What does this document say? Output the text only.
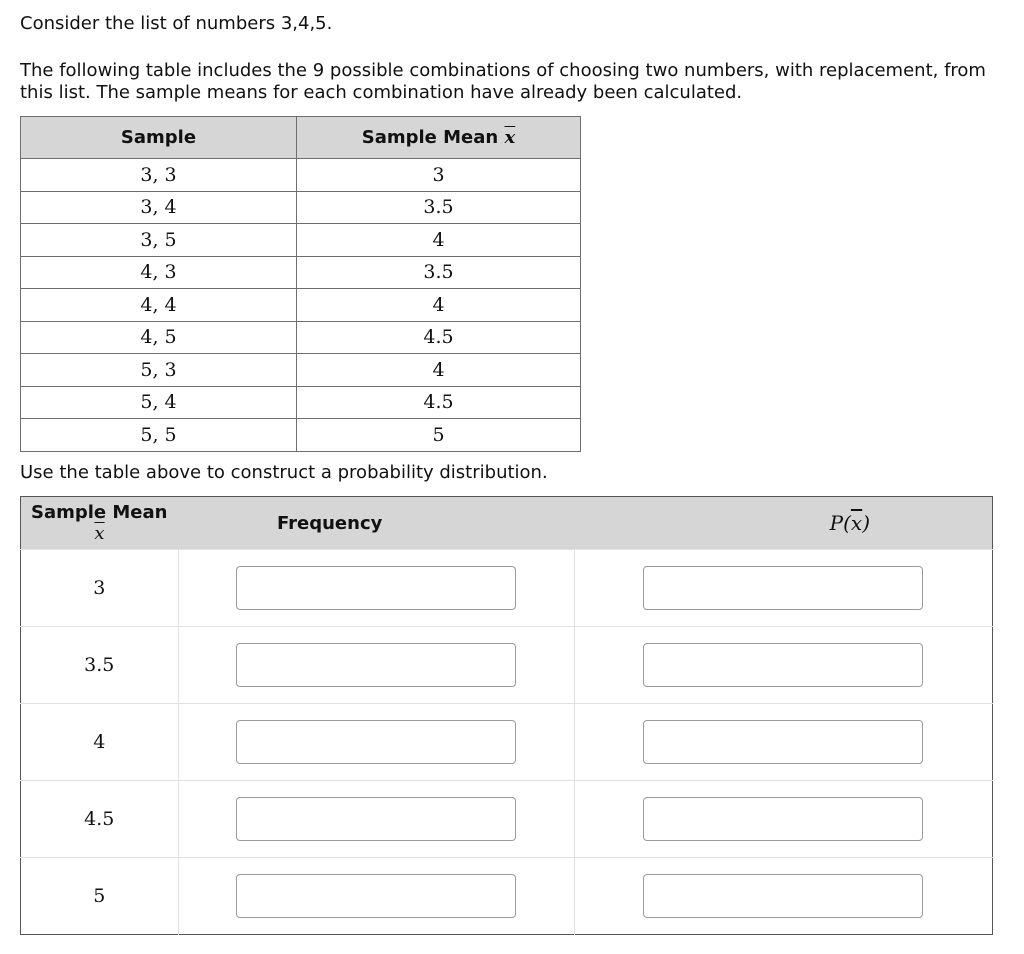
Consider the list of numbers 3,4,5.

The following table includes the 9 possible combinations of choosing two numbers, with replacement, from this list. The sample means for each combination have already been calculated.

Sample	Sample Mean $\overline{x}$
3, 3	3
3, 4	3.5
3, 5	4
4, 3	3.5
4, 4	4
4, 5	4.5
5, 3	4
5, 4	4.5
5, 5	5

Use the table above to construct a probability distribution.

Sample Mean
$\overline{x}$	Frequency	$P(\overline{x})$
3	

3.5	

4	

4.5	

5	
